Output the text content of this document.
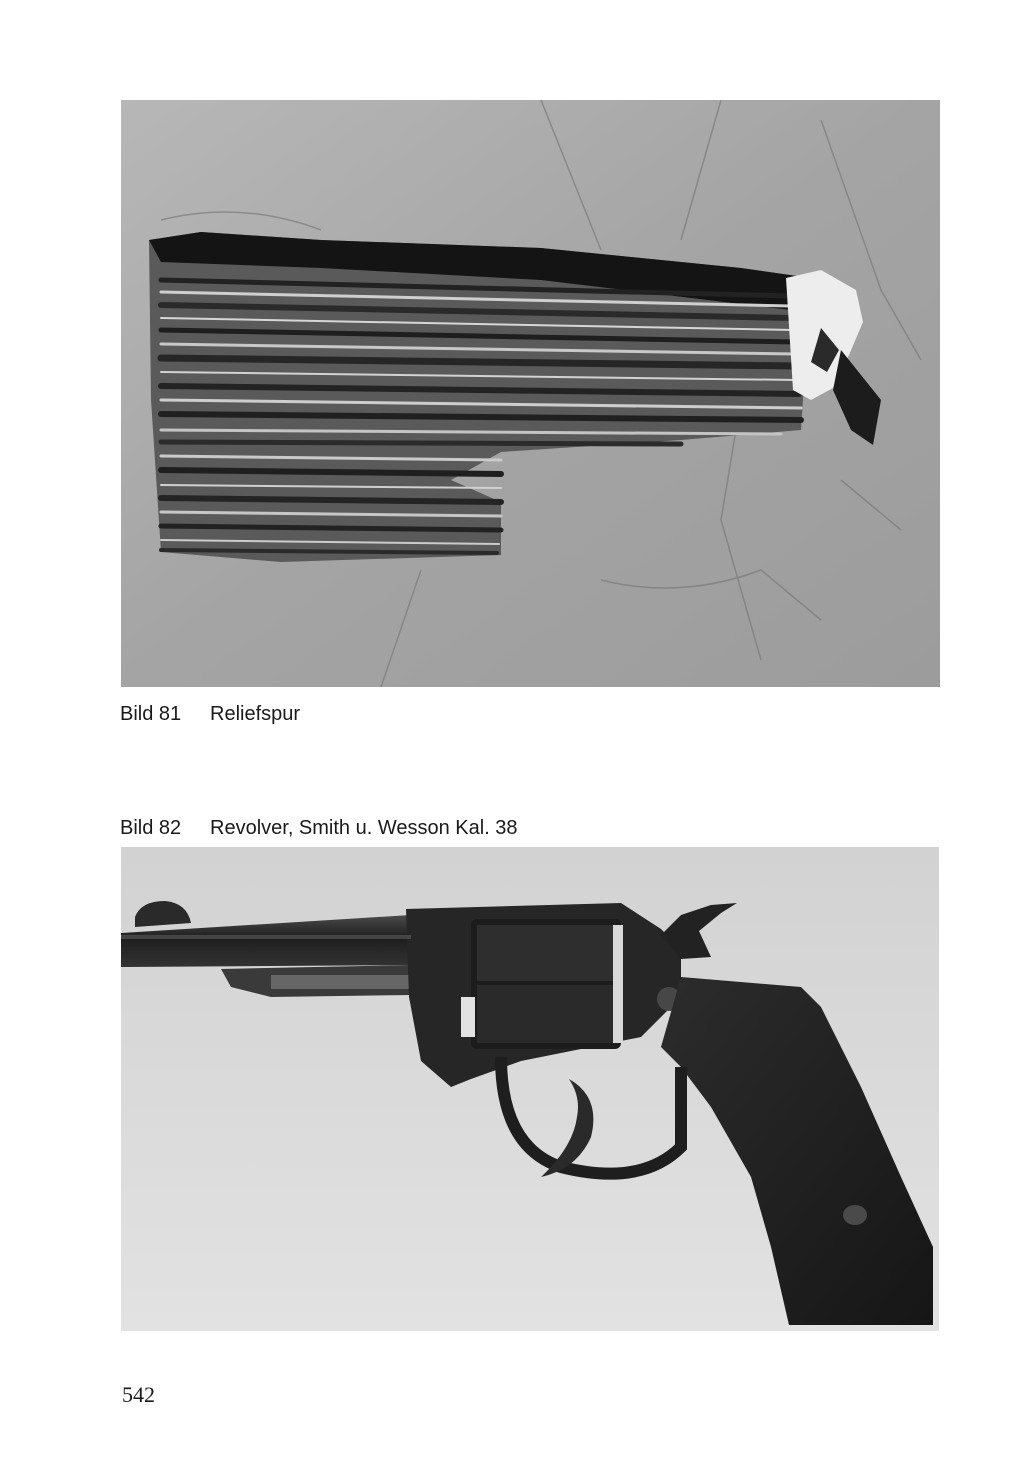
Bild 81 Reliefspur
Bild 82 Revolver, Smith u. Wesson Kal. 38
542
